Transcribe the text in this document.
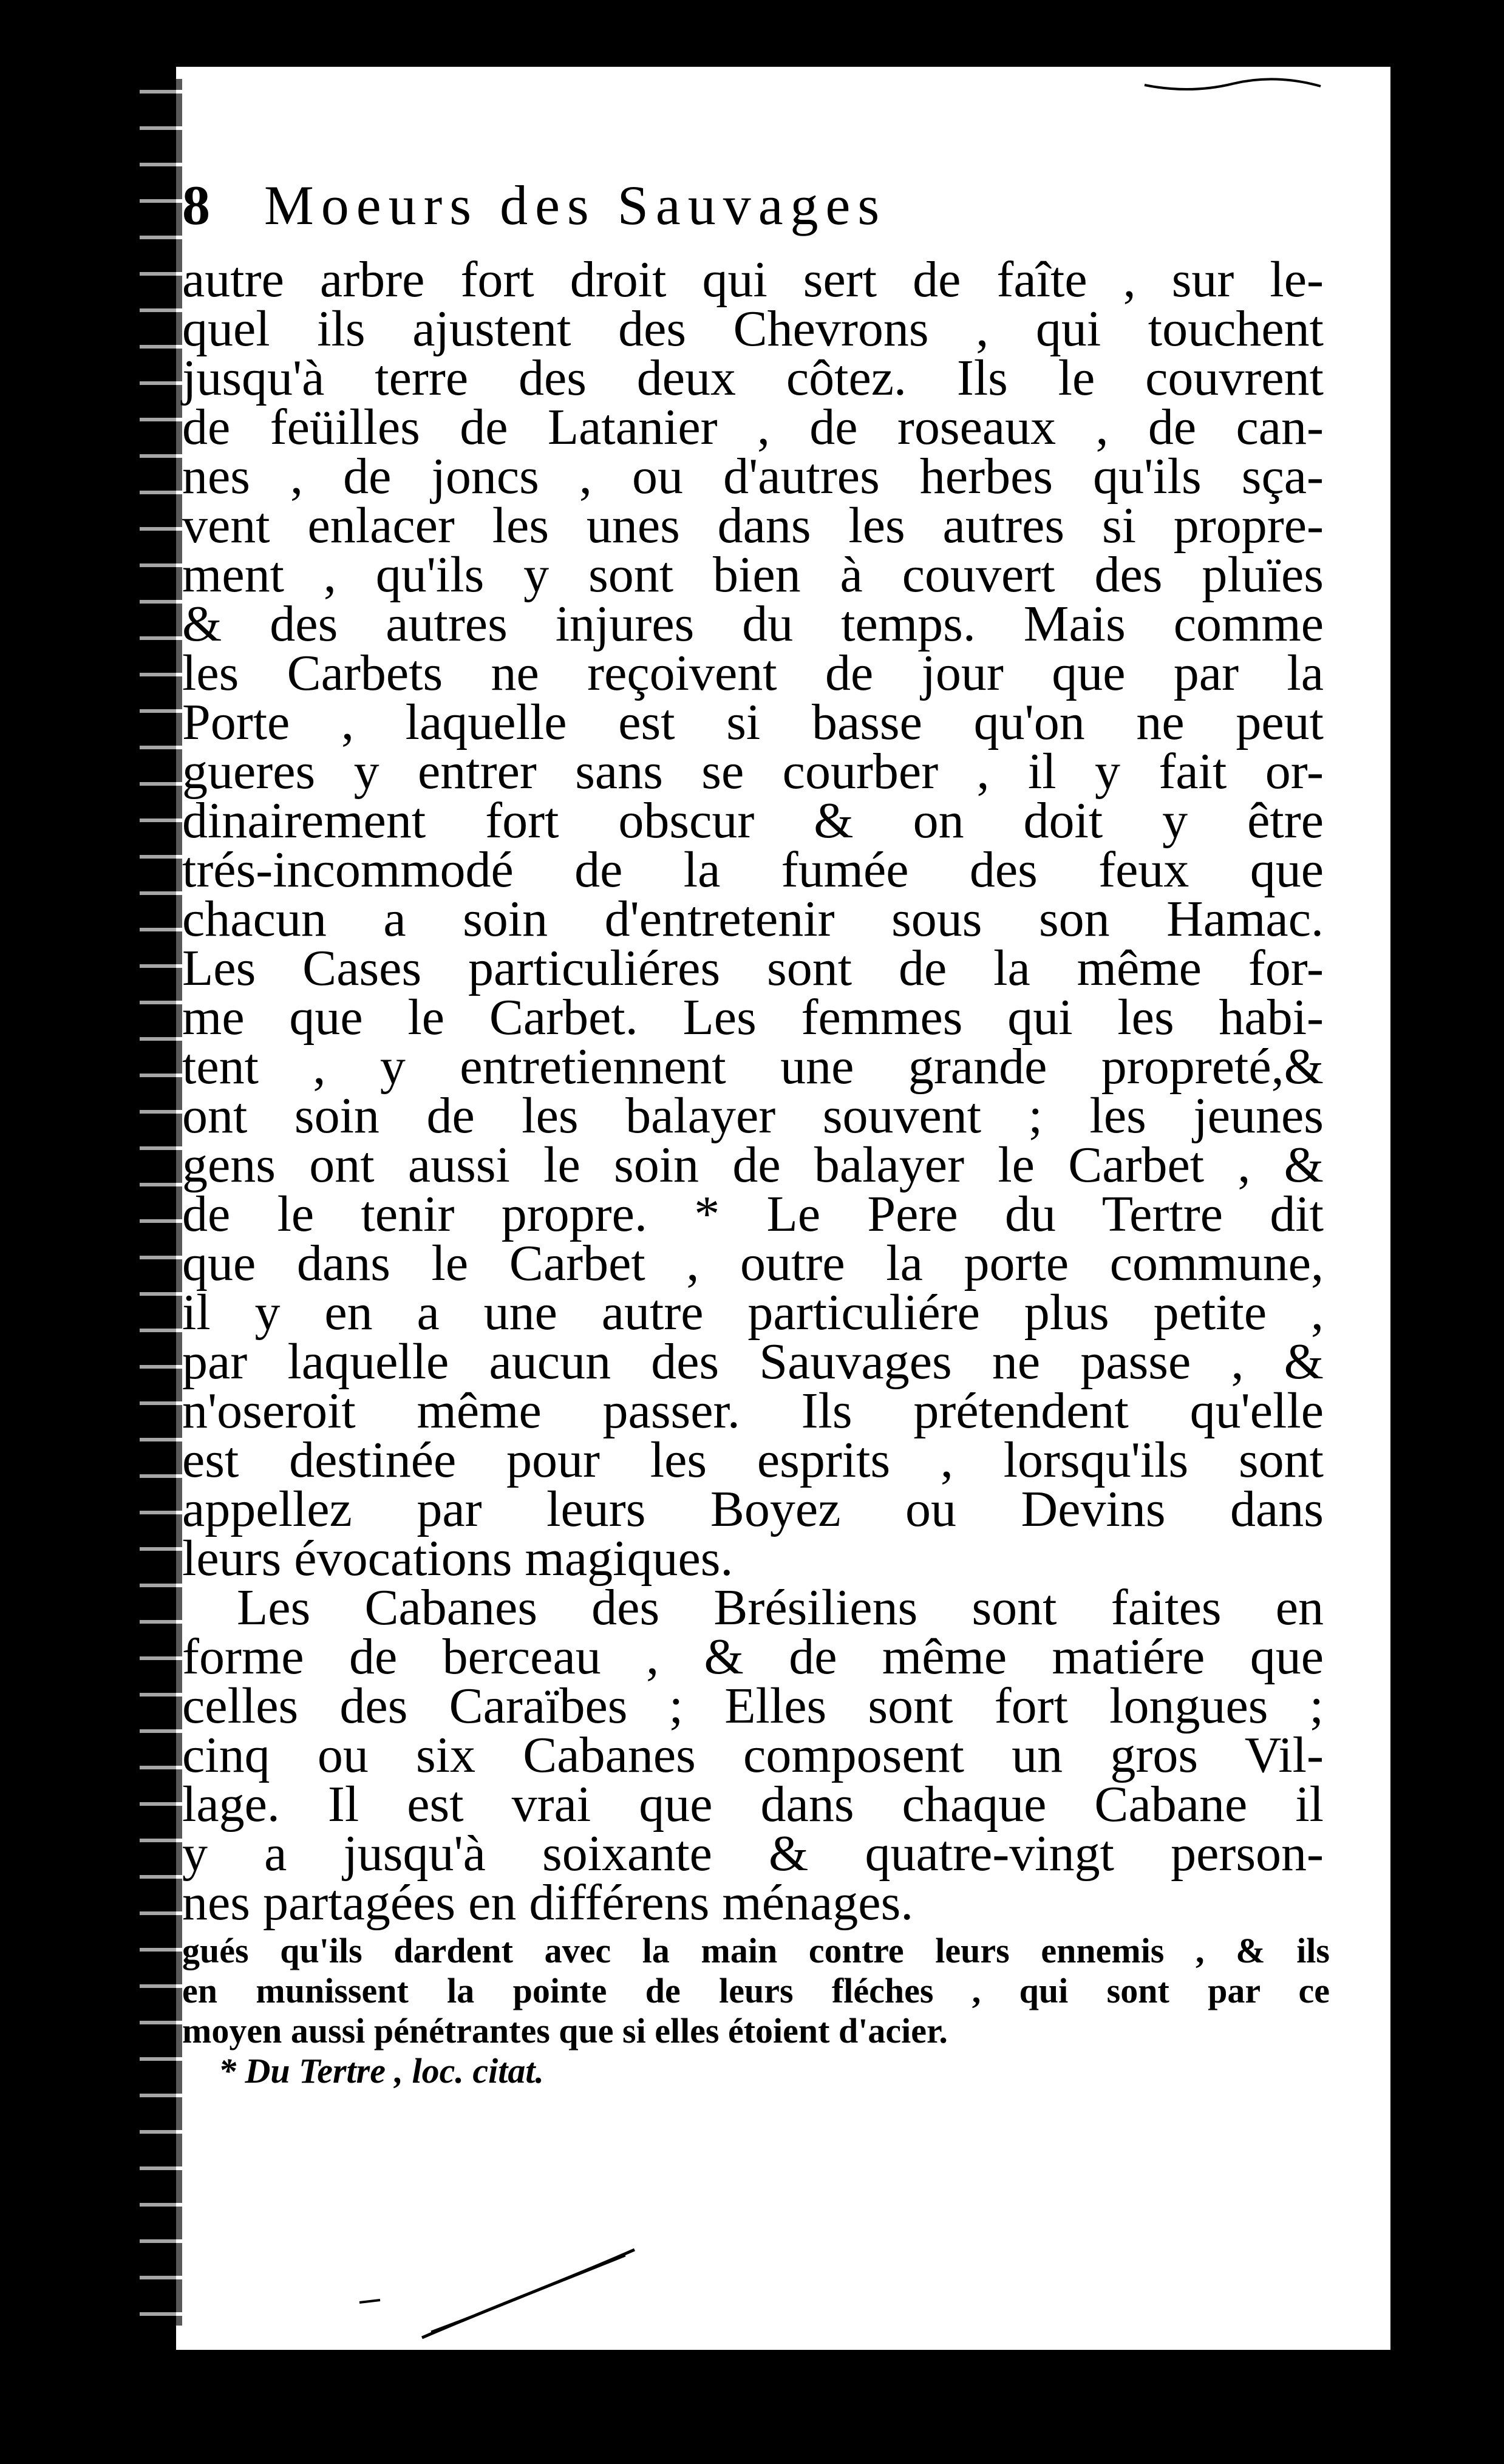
8 Moeurs des Sauvages
autre arbre fort droit qui sert de faîte , sur le-
quel ils ajustent des Chevrons , qui touchent
jusqu'à terre des deux côtez. Ils le couvrent
de feüilles de Latanier , de roseaux , de can-
nes , de joncs , ou d'autres herbes qu'ils sça-
vent enlacer les unes dans les autres si propre-
ment , qu'ils y sont bien à couvert des pluïes
& des autres injures du temps. Mais comme
les Carbets ne reçoivent de jour que par la
Porte , laquelle est si basse qu'on ne peut
gueres y entrer sans se courber , il y fait or-
dinairement fort obscur & on doit y être
trés-incommodé de la fumée des feux que
chacun a soin d'entretenir sous son Hamac.
Les Cases particuliéres sont de la même for-
me que le Carbet. Les femmes qui les habi-
tent , y entretiennent une grande propreté,&
ont soin de les balayer souvent ; les jeunes
gens ont aussi le soin de balayer le Carbet , &
de le tenir propre. * Le Pere du Tertre dit
que dans le Carbet , outre la porte commune,
il y en a une autre particuliére plus petite ,
par laquelle aucun des Sauvages ne passe , &
n'oseroit même passer. Ils prétendent qu'elle
est destinée pour les esprits , lorsqu'ils sont
appellez par leurs Boyez ou Devins dans
leurs évocations magiques.
Les Cabanes des Brésiliens sont faites en
forme de berceau , & de même matiére que
celles des Caraïbes ; Elles sont fort longues ;
cinq ou six Cabanes composent un gros Vil-
lage. Il est vrai que dans chaque Cabane il
y a jusqu'à soixante & quatre-vingt person-
nes partagées en différens ménages.
gués qu'ils dardent avec la main contre leurs ennemis , & ils
en munissent la pointe de leurs fléches , qui sont par ce
moyen aussi pénétrantes que si elles étoient d'acier.
* Du Tertre , loc. citat.
